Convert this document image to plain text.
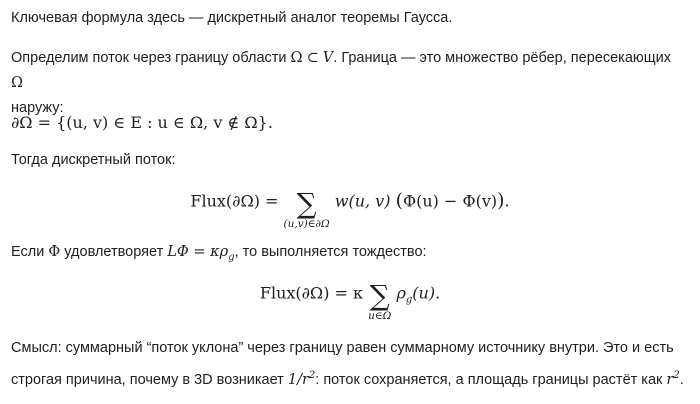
Ключевая формула здесь — дискретный аналог теоремы Гаусса.
Определим поток через границу области Ω ⊂ V. Граница — это множество рёбер, пересекающих Ω
наружу:
∂Ω = {(u, v) ∈ E : u ∈ Ω, v ∉ Ω}.
Тогда дискретный поток:
Flux(∂Ω) = ∑
(u,v)∈∂Ω
w(u, v) (Φ(u) − Φ(v)).
Если Φ удовлетворяет $L\Phi = \kappa\rho_g$, то выполняется тождество:
Flux(∂Ω) = κ ∑
u∈Ω
$\rho_g(u)$.
Смысл: суммарный “поток уклона” через границу равен суммарному источнику внутри. Это и есть строгая причина, почему в 3D возникает $1/r^2$: поток сохраняется, а площадь границы растёт как $r^2$.
